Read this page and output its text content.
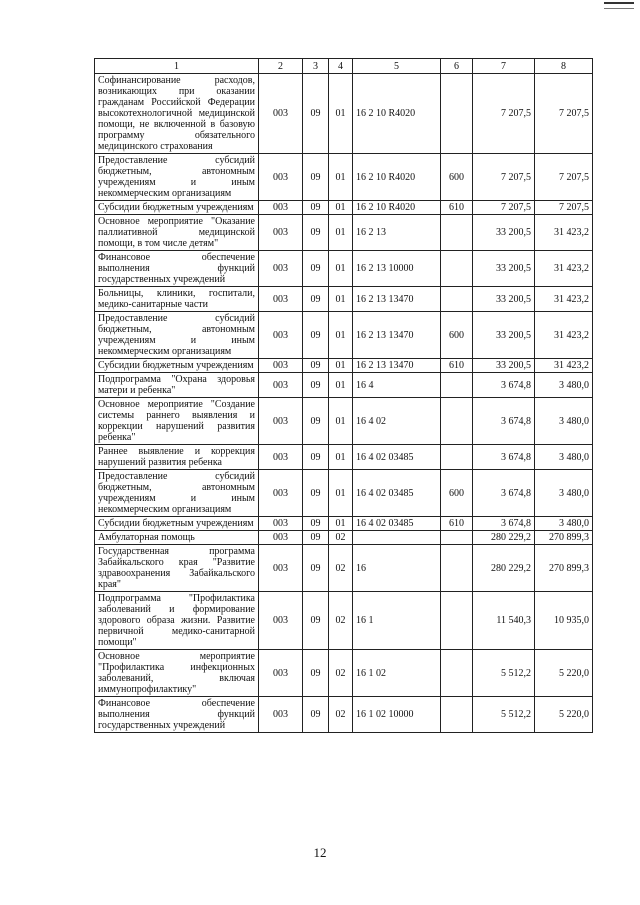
1	2	3	4	5	6	7	8
Софинансирование расходов, возникающих при оказании гражданам Российской Федерации высокотехнологичной медицинской помощи, не включенной в базовую программу обязательного медицинского страхования	003	09	01	16 2 10 R4020		7 207,5	7 207,5
Предоставление субсидий бюджетным, автономным учреждениям и иным некоммерческим организациям	003	09	01	16 2 10 R4020	600	7 207,5	7 207,5
Субсидии бюджетным учреждениям	003	09	01	16 2 10 R4020	610	7 207,5	7 207,5
Основное мероприятие "Оказание паллиативной медицинской помощи, в том числе детям"	003	09	01	16 2 13		33 200,5	31 423,2
Финансовое обеспечение выполнения функций государственных учреждений	003	09	01	16 2 13 10000		33 200,5	31 423,2
Больницы, клиники, госпитали, медико-санитарные части	003	09	01	16 2 13 13470		33 200,5	31 423,2
Предоставление субсидий бюджетным, автономным учреждениям и иным некоммерческим организациям	003	09	01	16 2 13 13470	600	33 200,5	31 423,2
Субсидии бюджетным учреждениям	003	09	01	16 2 13 13470	610	33 200,5	31 423,2
Подпрограмма "Охрана здоровья матери и ребенка"	003	09	01	16 4		3 674,8	3 480,0
Основное мероприятие "Создание системы раннего выявления и коррекции нарушений развития ребенка"	003	09	01	16 4 02		3 674,8	3 480,0
Раннее выявление и коррекция нарушений развития ребенка	003	09	01	16 4 02 03485		3 674,8	3 480,0
Предоставление субсидий бюджетным, автономным учреждениям и иным некоммерческим организациям	003	09	01	16 4 02 03485	600	3 674,8	3 480,0
Субсидии бюджетным учреждениям	003	09	01	16 4 02 03485	610	3 674,8	3 480,0
Амбулаторная помощь	003	09	02			280 229,2	270 899,3
Государственная программа Забайкальского края "Развитие здравоохранения Забайкальского края"	003	09	02	16		280 229,2	270 899,3
Подпрограмма "Профилактика заболеваний и формирование здорового образа жизни. Развитие первичной медико-санитарной помощи"	003	09	02	16 1		11 540,3	10 935,0
Основное мероприятие "Профилактика инфекционных заболеваний, включая иммунопрофилактику"	003	09	02	16 1 02		5 512,2	5 220,0
Финансовое обеспечение выполнения функций государственных учреждений	003	09	02	16 1 02 10000		5 512,2	5 220,0
12
